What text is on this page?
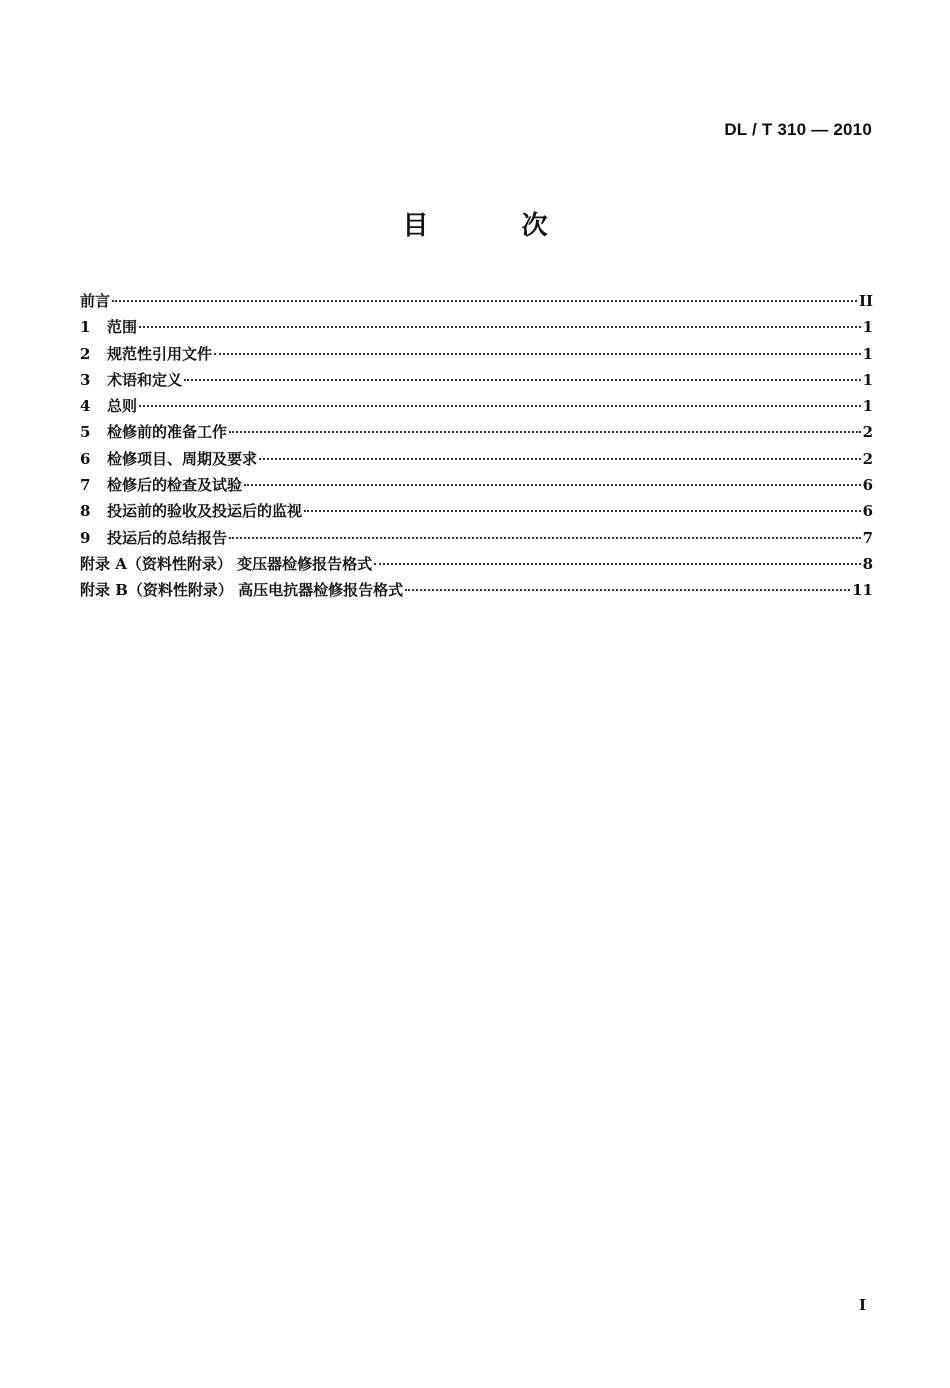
DL / T 310 — 2010
目 次
前言	II
1	范围	1
2	规范性引用文件	1
3	术语和定义	1
4	总则	1
5	检修前的准备工作	2
6	检修项目、周期及要求	2
7	检修后的检查及试验	6
8	投运前的验收及投运后的监视	6
9	投运后的总结报告	7
附录 A（资料性附录） 变压器检修报告格式	8
附录 B（资料性附录） 高压电抗器检修报告格式	11
I
